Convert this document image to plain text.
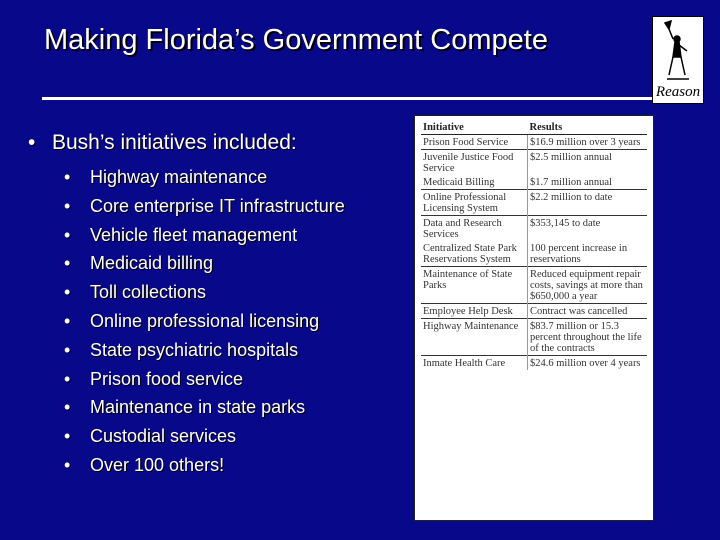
Making Florida’s Government Compete
Reason
• Bush’s initiatives included:
• Highway maintenance
• Core enterprise IT infrastructure
• Vehicle fleet management
• Medicaid billing
• Toll collections
• Online professional licensing
• State psychiatric hospitals
• Prison food service
• Maintenance in state parks
• Custodial services
• Over 100 others!
Initiative	Results
Prison Food Service	$16.9 million over 3 years
Juvenile Justice Food Service	$2.5 million annual
Medicaid Billing	$1.7 million annual
Online Professional Licensing System	$2.2 million to date
Data and Research Services	$353,145 to date
Centralized State Park Reservations System	100 percent increase in reservations
Maintenance of State Parks	Reduced equipment repair costs, savings at more than $650,000 a year
Employee Help Desk	Contract was cancelled
Highway Maintenance	$83.7 million or 15.3 percent throughout the life of the contracts
Inmate Health Care	$24.6 million over 4 years
